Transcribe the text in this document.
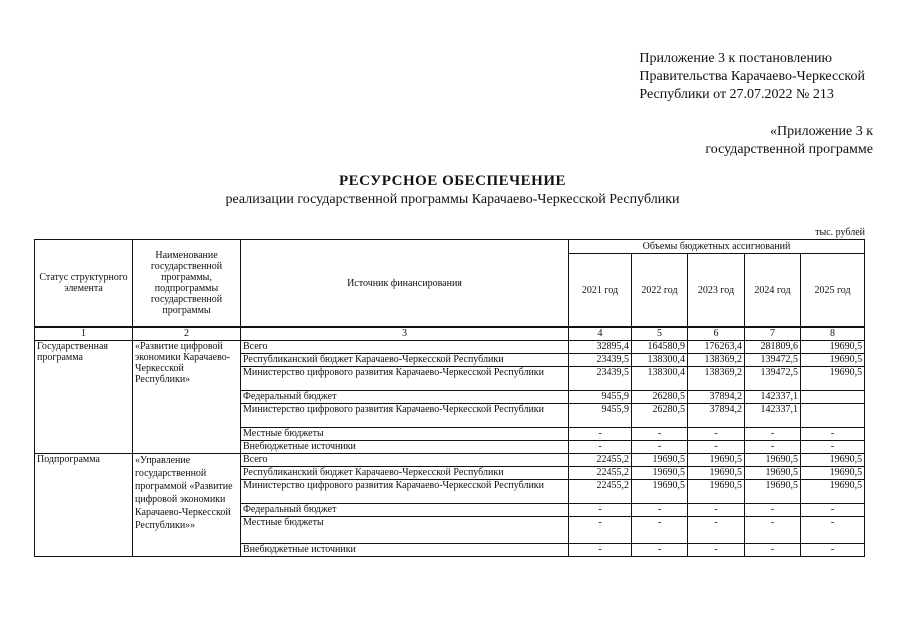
Приложение 3 к постановлению
Правительства Карачаево-Черкесской
Республики от 27.07.2022 № 213
«Приложение 3 к
государственной программе
РЕСУРСНОЕ ОБЕСПЕЧЕНИЕ
реализации государственной программы Карачаево-Черкесской Республики
тыс. рублей
Статус структурного элемента	Наименование государственной программы, подпрограммы государственной программы	Источник финансирования	Объемы бюджетных ассигнований				
			2021 год	2022 год	2023 год	2024 год	2025 год
1	2	3	4	5	6	7	8
Государственная программа	«Развитие цифровой экономики Карачаево-Черкесской Республики»	Всего	32895,4	164580,9	176263,4	281809,6	19690,5
		Республиканский бюджет Карачаево-Черкесской Республики	23439,5	138300,4	138369,2	139472,5	19690,5
		Министерство цифрового развития Карачаево-Черкесской Республики	23439,5	138300,4	138369,2	139472,5	19690,5
		Федеральный бюджет	9455,9	26280,5	37894,2	142337,1	
		Министерство цифрового развития Карачаево-Черкесской Республики	9455,9	26280,5	37894,2	142337,1	
		Местные бюджеты	-	-	-	-	-
		Внебюджетные источники	-	-	-	-	-
Подпрограмма	«Управление государственной программой «Развитие цифровой экономики Карачаево-Черкесской Республики»»	Всего	22455,2	19690,5	19690,5	19690,5	19690,5
		Республиканский бюджет Карачаево-Черкесской Республики	22455,2	19690,5	19690,5	19690,5	19690,5
		Министерство цифрового развития Карачаево-Черкесской Республики	22455,2	19690,5	19690,5	19690,5	19690,5
		Федеральный бюджет	-	-	-	-	-
		Местные бюджеты	-	-	-	-	-
		Внебюджетные источники	-	-	-	-	-
